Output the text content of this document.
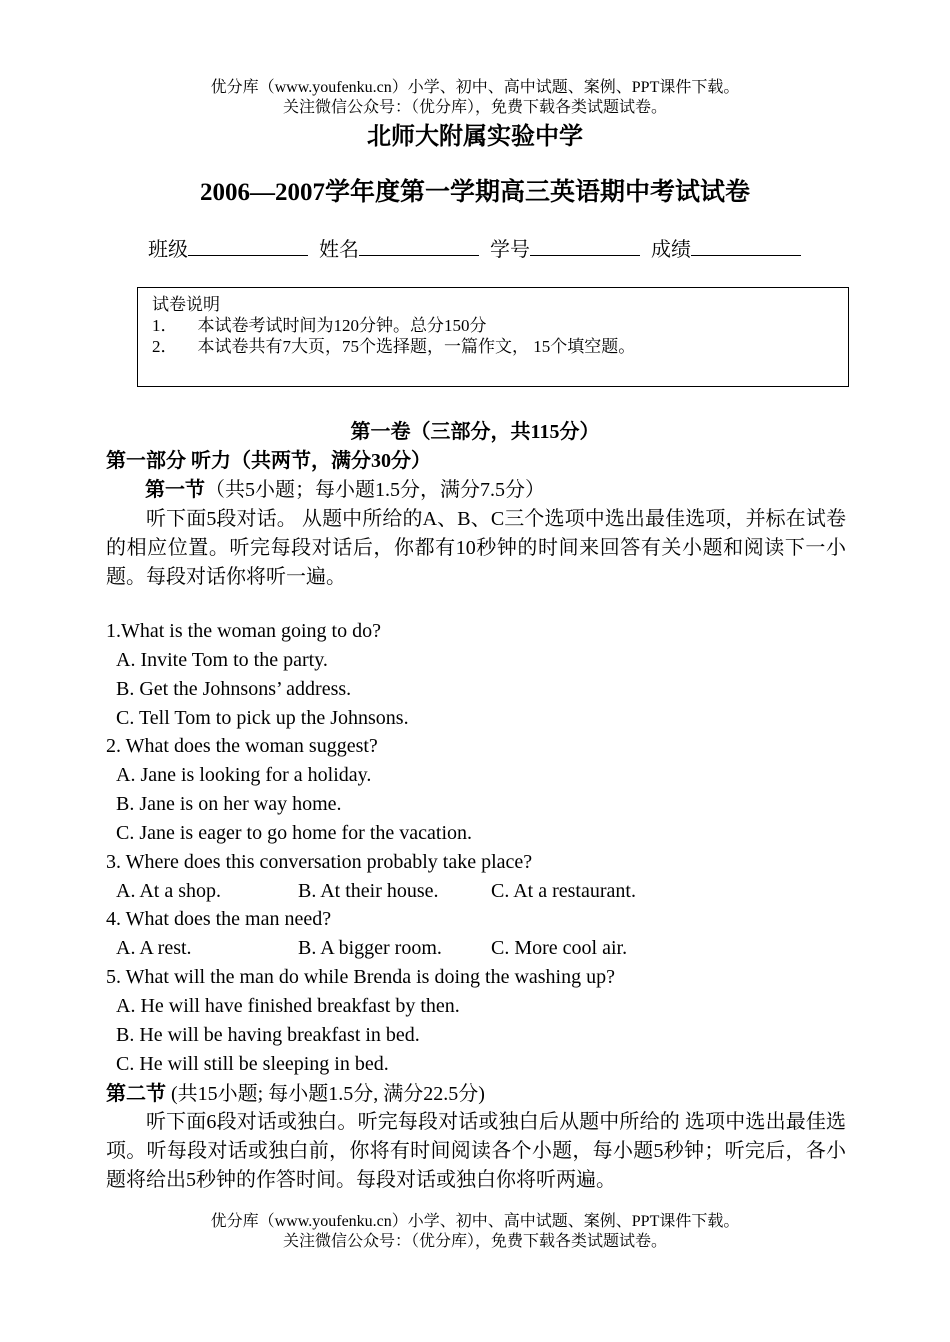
优分库（www.youfenku.cn）小学、初中、高中试题、案例、PPT课件下载。
关注微信公众号：（优分库），免费下载各类试题试卷。
北师大附属实验中学
2006—2007学年度第一学期高三英语期中考试试卷
班级	姓名	学号	成绩
试卷说明
1． 本试卷考试时间为120分钟。总分150分
2． 本试卷共有7大页，75个选择题，一篇作文， 15个填空题。
第一卷（三部分，共115分）
第一部分 听力（共两节，满分30分）
第一节（共5小题；每小题1.5分，满分7.5分）
听下面5段对话。 从题中所给的A、B、C三个选项中选出最佳选项，并标在试卷的相应位置。听完每段对话后，你都有10秒钟的时间来回答有关小题和阅读下一小题。每段对话你将听一遍。
1.What is the woman going to do?
A. Invite Tom to the party.
B. Get the Johnsons’ address.
C. Tell Tom to pick up the Johnsons.
2. What does the woman suggest?
A. Jane is looking for a holiday.
B. Jane is on her way home.
C. Jane is eager to go home for the vacation.
3. Where does this conversation probably take place?
A. At a shop.	B. At their house.	C. At a restaurant.
4. What does the man need?
A. A rest.	B. A bigger room. C. More cool air.
5. What will the man do while Brenda is doing the washing up?
A. He will have finished breakfast by then.
B. He will be having breakfast in bed.
C. He will still be sleeping in bed.
第二节 (共15小题; 每小题1.5分, 满分22.5分)
听下面6段对话或独白。听完每段对话或独白后从题中所给的 选项中选出最佳选项。听每段对话或独白前，你将有时间阅读各个小题，每小题5秒钟；听完后，各小题将给出5秒钟的作答时间。每段对话或独白你将听两遍。
优分库（www.youfenku.cn）小学、初中、高中试题、案例、PPT课件下载。
关注微信公众号：（优分库），免费下载各类试题试卷。
